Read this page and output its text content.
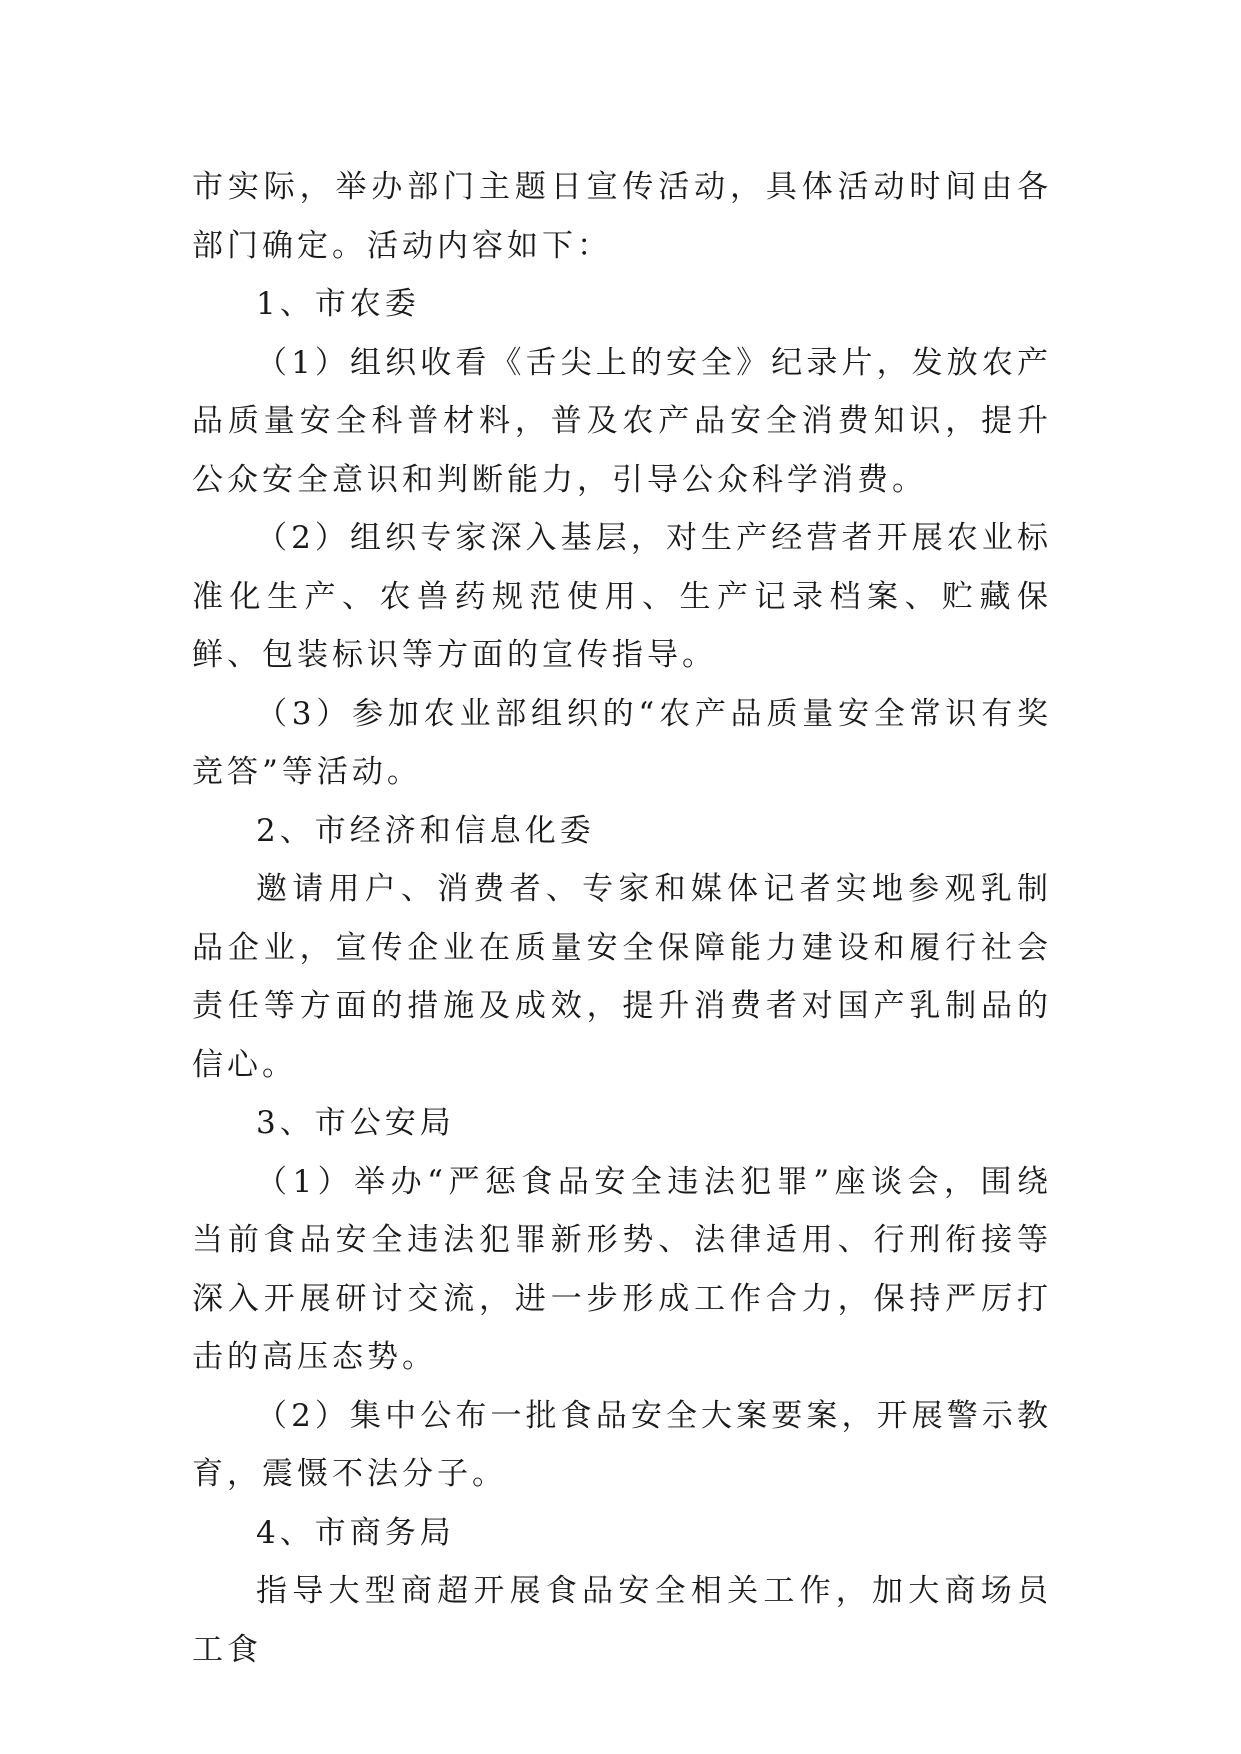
市实际，举办部门主题日宣传活动，具体活动时间由各部门确定。活动内容如下：

1、市农委

（1）组织收看《舌尖上的安全》纪录片，发放农产品质量安全科普材料，普及农产品安全消费知识，提升公众安全意识和判断能力，引导公众科学消费。

（2）组织专家深入基层，对生产经营者开展农业标准化生产、农兽药规范使用、生产记录档案、贮藏保鲜、包装标识等方面的宣传指导。

（3）参加农业部组织的“农产品质量安全常识有奖竞答”等活动。

2、市经济和信息化委

邀请用户、消费者、专家和媒体记者实地参观乳制品企业，宣传企业在质量安全保障能力建设和履行社会责任等方面的措施及成效，提升消费者对国产乳制品的信心。

3、市公安局

（1）举办“严惩食品安全违法犯罪”座谈会，围绕当前食品安全违法犯罪新形势、法律适用、行刑衔接等深入开展研讨交流，进一步形成工作合力，保持严厉打击的高压态势。

（2）集中公布一批食品安全大案要案，开展警示教育，震慑不法分子。

4、市商务局

指导大型商超开展食品安全相关工作，加大商场员工食
